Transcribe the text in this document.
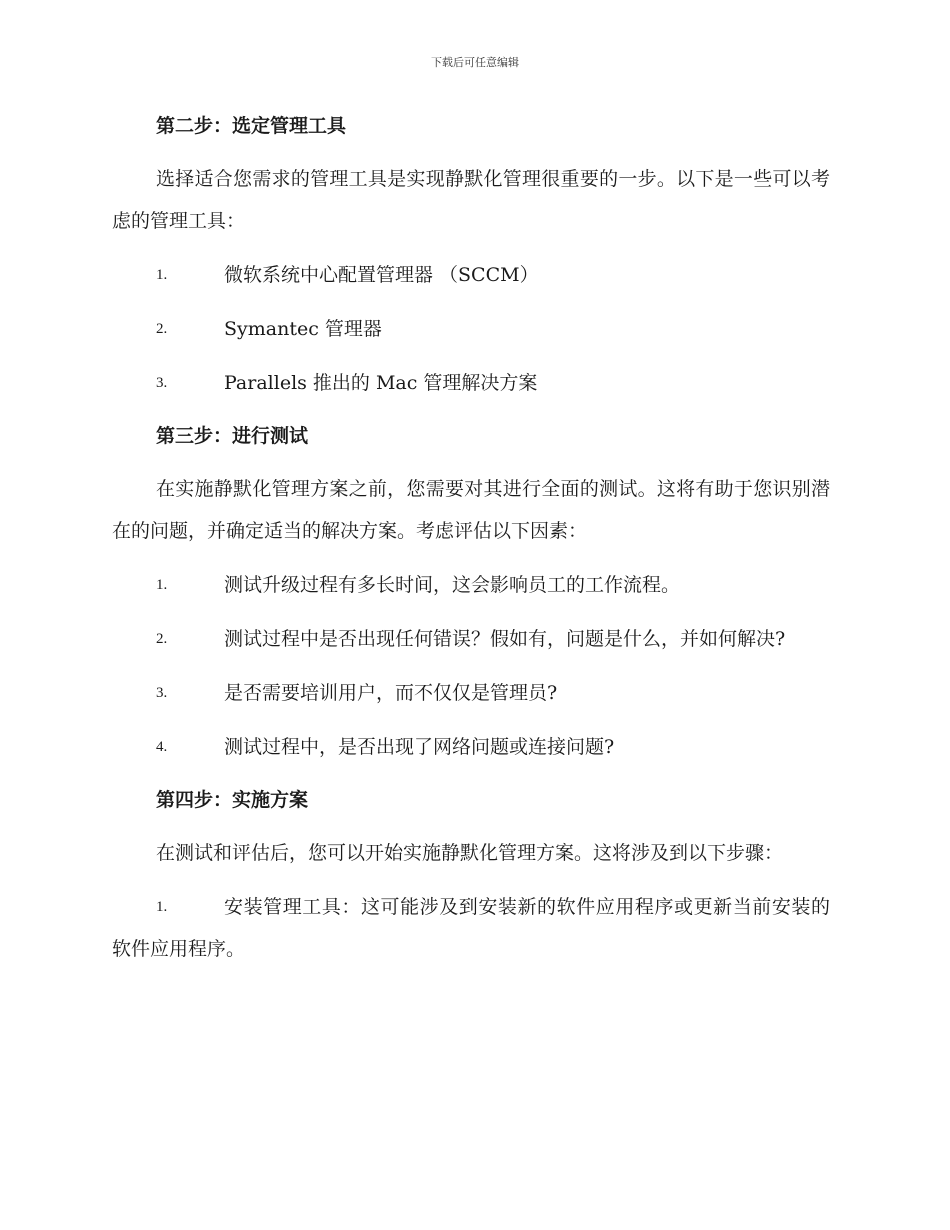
下载后可任意编辑

第二步：选定管理工具

选择适合您需求的管理工具是实现静默化管理很重要的一步。以下是一些可以考虑的管理工具：

1.	微软系统中心配置管理器 （SCCM）

2.	Symantec 管理器

3.	Parallels 推出的 Mac 管理解决方案

第三步：进行测试

在实施静默化管理方案之前，您需要对其进行全面的测试。这将有助于您识别潜在的问题，并确定适当的解决方案。考虑评估以下因素：

1.	测试升级过程有多长时间，这会影响员工的工作流程。

2.	测试过程中是否出现任何错误？假如有，问题是什么，并如何解决?

3.	是否需要培训用户，而不仅仅是管理员?

4.	测试过程中，是否出现了网络问题或连接问题?

第四步：实施方案

在测试和评估后，您可以开始实施静默化管理方案。这将涉及到以下步骤：

1.	安装管理工具：这可能涉及到安装新的软件应用程序或更新当前安装的软件应用程序。
